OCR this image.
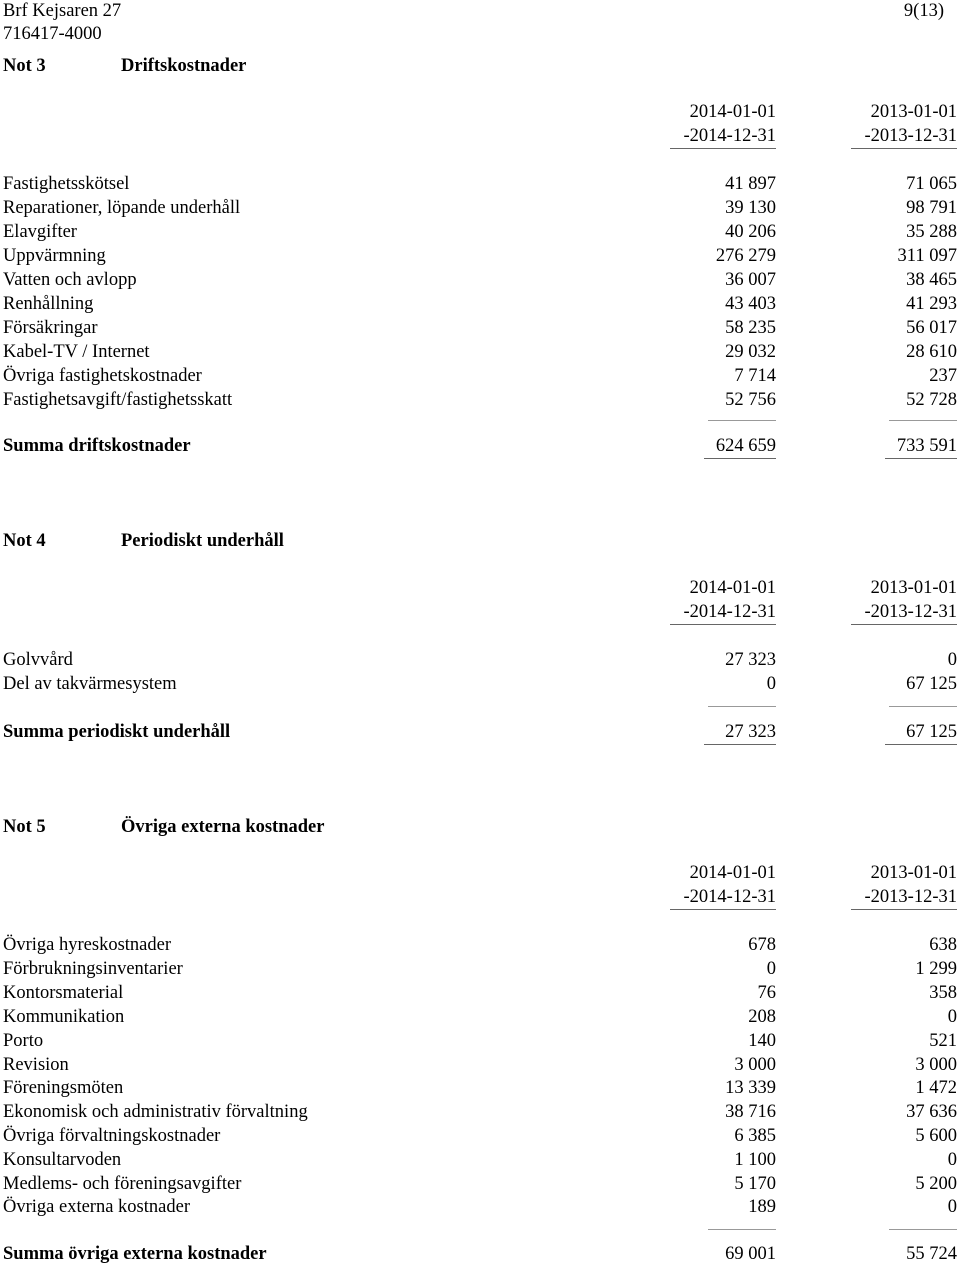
Brf Kejsaren 27
716417-4000
9(13)
Not 3	Driftskostnader
2014-01-01
-2014-12-31
2013-01-01
-2013-12-31
Fastighetsskötsel	41 897	71 065
Reparationer, löpande underhåll	39 130	98 791
Elavgifter	40 206	35 288
Uppvärmning	276 279	311 097
Vatten och avlopp	36 007	38 465
Renhållning	43 403	41 293
Försäkringar	58 235	56 017
Kabel-TV / Internet	29 032	28 610
Övriga fastighetskostnader	7 714	237
Fastighetsavgift/fastighetsskatt	52 756	52 728
Summa driftskostnader	624 659	733 591
Not 4	Periodiskt underhåll
2014-01-01
-2014-12-31
2013-01-01
-2013-12-31
Golvvård	27 323	0
Del av takvärmesystem	0	67 125
Summa periodiskt underhåll	27 323	67 125
Not 5	Övriga externa kostnader
2014-01-01
-2014-12-31
2013-01-01
-2013-12-31
Övriga hyreskostnader	678	638
Förbrukningsinventarier	0	1 299
Kontorsmaterial	76	358
Kommunikation	208	0
Porto	140	521
Revision	3 000	3 000
Föreningsmöten	13 339	1 472
Ekonomisk och administrativ förvaltning	38 716	37 636
Övriga förvaltningskostnader	6 385	5 600
Konsultarvoden	1 100	0
Medlems- och föreningsavgifter	5 170	5 200
Övriga externa kostnader	189	0
Summa övriga externa kostnader	69 001	55 724
